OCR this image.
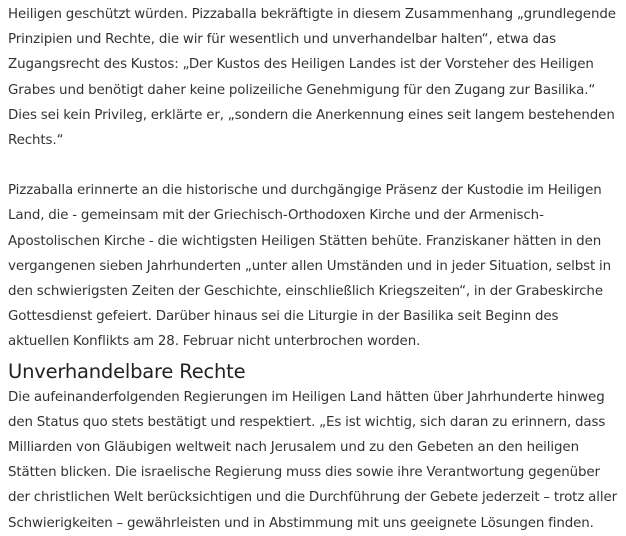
Heiligen geschützt würden. Pizzaballa bekräftigte in diesem Zusammenhang „grundlegende Prinzipien und Rechte, die wir für wesentlich und unverhandelbar halten“, etwa das Zugangsrecht des Kustos: „Der Kustos des Heiligen Landes ist der Vorsteher des Heiligen Grabes und benötigt daher keine polizeiliche Genehmigung für den Zugang zur Basilika.“ Dies sei kein Privileg, erklärte er, „sondern die Anerkennung eines seit langem bestehenden Rechts.“

Pizzaballa erinnerte an die historische und durchgängige Präsenz der Kustodie im Heiligen Land, die - gemeinsam mit der Griechisch-Orthodoxen Kirche und der Armenisch-Apostolischen Kirche - die wichtigsten Heiligen Stätten behüte. Franziskaner hätten in den vergangenen sieben Jahrhunderten „unter allen Umständen und in jeder Situation, selbst in den schwierigsten Zeiten der Geschichte, einschließlich Kriegszeiten“, in der Grabeskirche Gottesdienst gefeiert. Darüber hinaus sei die Liturgie in der Basilika seit Beginn des aktuellen Konflikts am 28. Februar nicht unterbrochen worden.

Unverhandelbare Rechte

Die aufeinanderfolgenden Regierungen im Heiligen Land hätten über Jahrhunderte hinweg den Status quo stets bestätigt und respektiert. „Es ist wichtig, sich daran zu erinnern, dass Milliarden von Gläubigen weltweit nach Jerusalem und zu den Gebeten an den heiligen Stätten blicken. Die israelische Regierung muss dies sowie ihre Verantwortung gegenüber der christlichen Welt berücksichtigen und die Durchführung der Gebete jederzeit – trotz aller Schwierigkeiten – gewährleisten und in Abstimmung mit uns geeignete Lösungen finden.
